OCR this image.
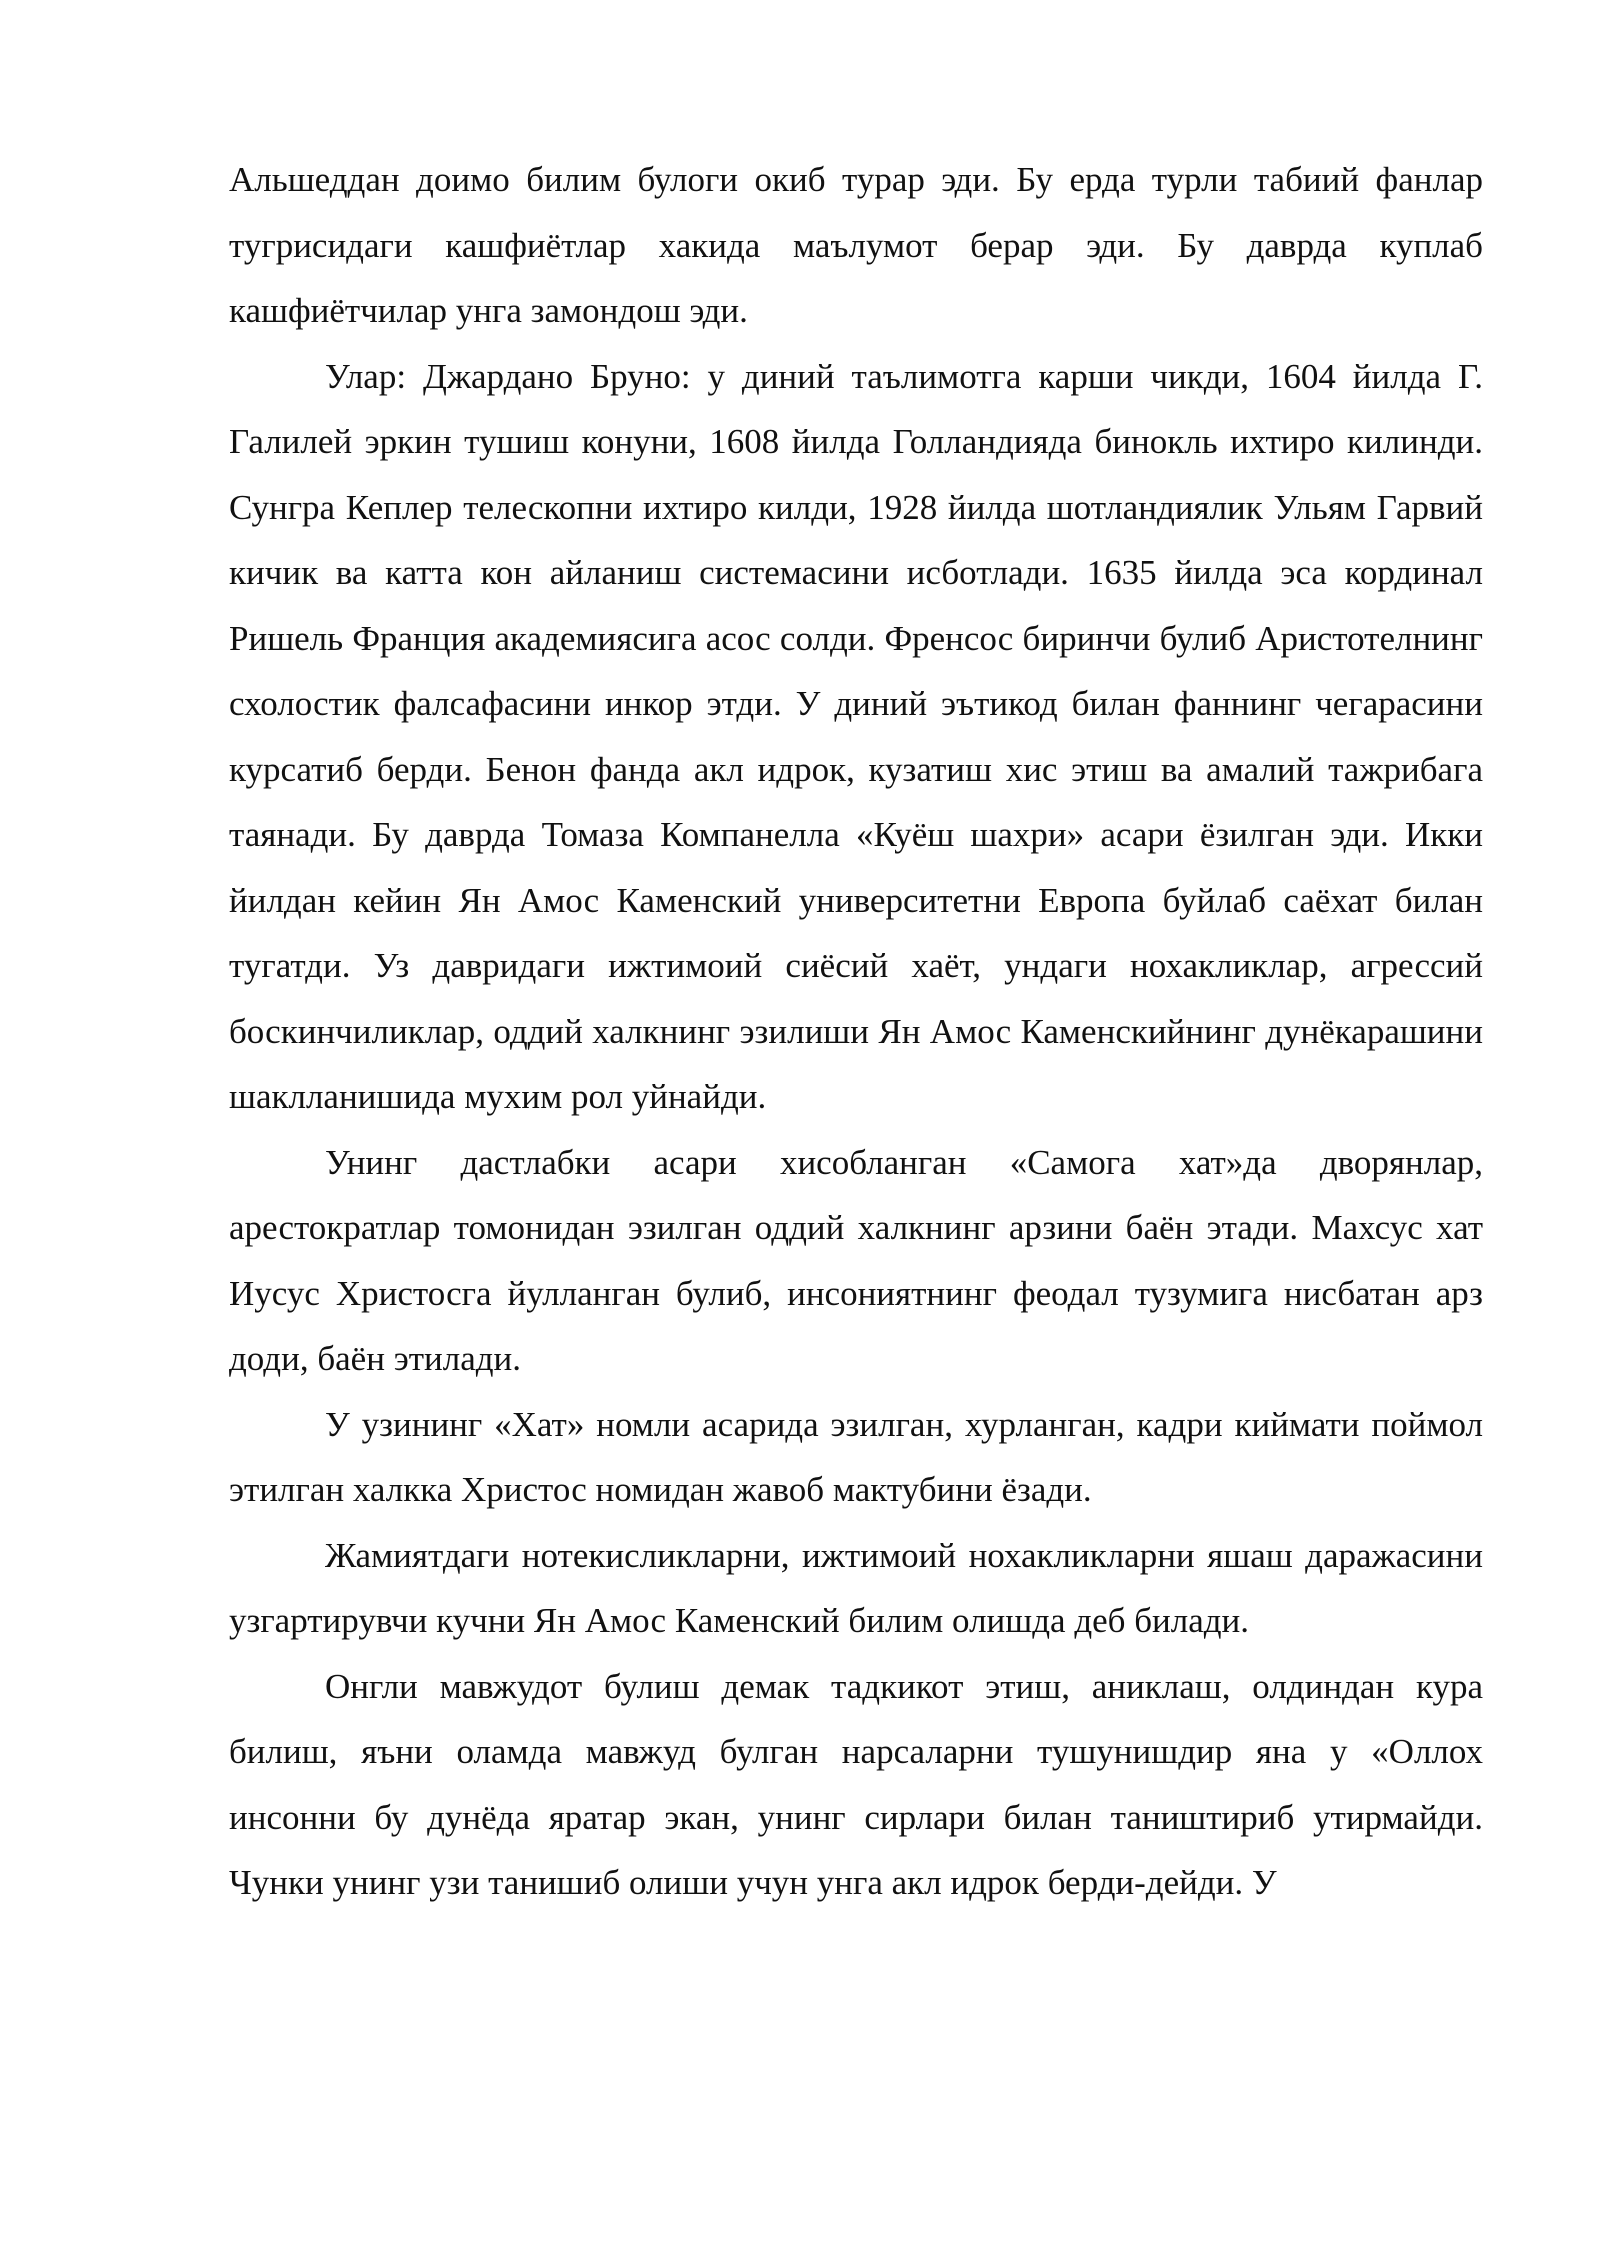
Альшеддан доимо билим булоги окиб турар эди. Бу ерда турли табиий фанлар тугрисидаги кашфиётлар хакида маълумот берар эди. Бу даврда куплаб кашфиётчилар унга замондош эди.

Улар: Джардано Бруно: у диний таълимотга карши чикди, 1604 йилда Г. Галилей эркин тушиш конуни, 1608 йилда Голландияда бинокль ихтиро килинди. Сунгра Кеплер телескопни ихтиро килди, 1928 йилда шотландиялик Ульям Гарвий кичик ва катта кон айланиш системасини исботлади. 1635 йилда эса кординал Ришель Франция академиясига асос солди. Френсос биринчи булиб Аристотелнинг схолостик фалсафасини инкор этди. У диний эътикод билан фаннинг чегарасини курсатиб берди. Бенон фанда акл идрок, кузатиш хис этиш ва амалий тажрибага таянади. Бу даврда Томаза Компанелла «Куёш шахри» асари ёзилган эди. Икки йилдан кейин Ян Амос Каменский университетни Европа буйлаб саёхат билан тугатди. Уз давридаги ижтимоий сиёсий хаёт, ундаги нохакликлар, агрессий боскинчиликлар, оддий халкнинг эзилиши Ян Амос Каменскийнинг дунёкарашини шаклланишида мухим рол уйнайди.

Унинг дастлабки асари хисобланган «Самога хат»да дворянлар, арестократлар томонидан эзилган оддий халкнинг арзини баён этади. Махсус хат Иусус Христосга йулланган булиб, инсониятнинг феодал тузумига нисбатан арз доди, баён этилади.

У узининг «Хат» номли асарида эзилган, хурланган, кадри киймати поймол этилган халкка Христос номидан жавоб мактубини ёзади.

Жамиятдаги нотекисликларни, ижтимоий нохакликларни яшаш даражасини узгартирувчи кучни Ян Амос Каменский билим олишда деб билади.

Онгли мавжудот булиш демак тадкикот этиш, аниклаш, олдиндан кура билиш, яъни оламда мавжуд булган нарсаларни тушунишдир яна у «Оллох инсонни бу дунёда яратар экан, унинг сирлари билан таништириб утирмайди. Чунки унинг узи танишиб олиши учун унга акл идрок берди-дейди. У
